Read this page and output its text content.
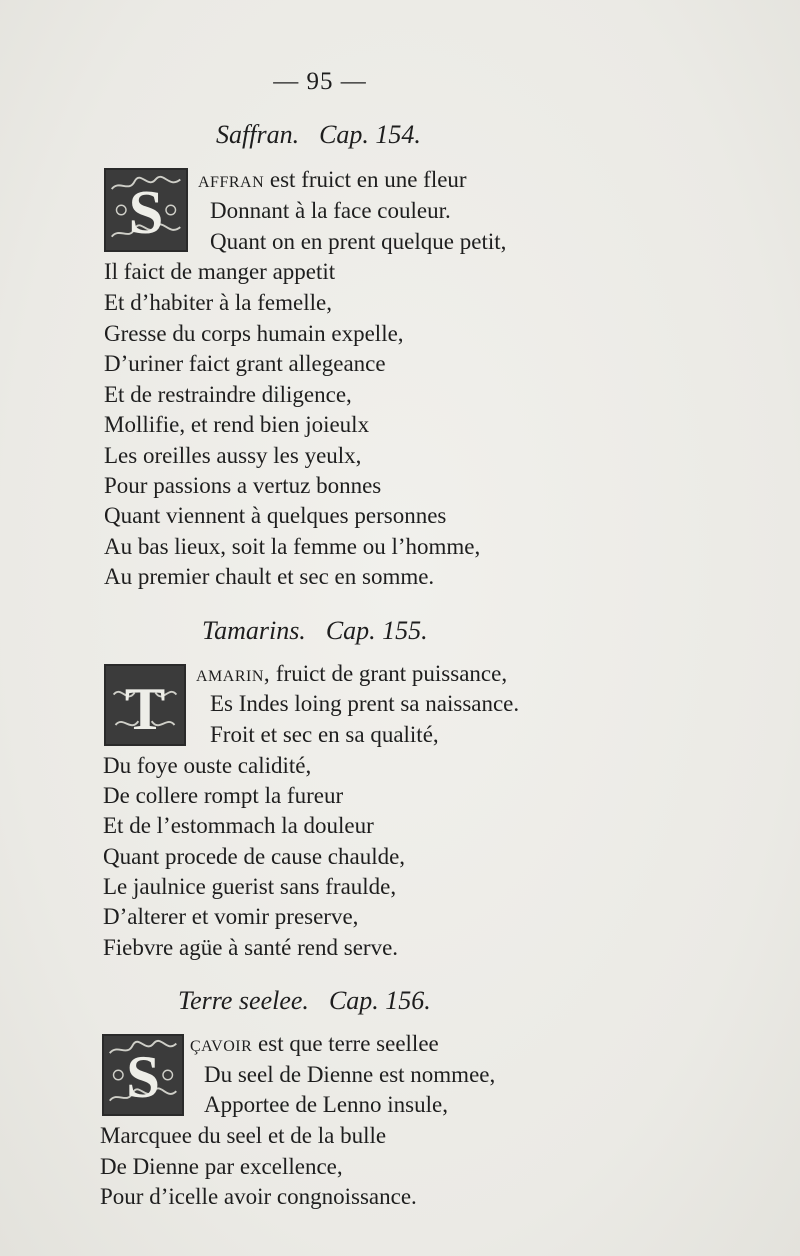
— 95 —
Saffran. Cap. 154.
S affran est fruict en une fleur
Donnant à la face couleur.
Quant on en prent quelque petit,
Il faict de manger appetit
Et d’habiter à la femelle,
Gresse du corps humain expelle,
D’uriner faict grant allegeance
Et de restraindre diligence,
Mollifie, et rend bien joieulx
Les oreilles aussy les yeulx,
Pour passions a vertuz bonnes
Quant viennent à quelques personnes
Au bas lieux, soit la femme ou l’homme,
Au premier chault et sec en somme.
Tamarins. Cap. 155.
T
amarin, fruict de grant puissance,
Es Indes loing prent sa naissance.
Froit et sec en sa qualité,
Du foye ouste calidité,
De collere rompt la fureur
Et de l’estommach la douleur
Quant procede de cause chaulde,
Le jaulnice guerist sans fraulde,
D’alterer et vomir preserve,
Fiebvre agüe à santé rend serve.
Terre seelee. Cap. 156.
S
çavoir est que terre seellee
Du seel de Dienne est nommee,
Apportee de Lenno insule,
Marcquee du seel et de la bulle
De Dienne par excellence,
Pour d’icelle avoir congnoissance.
